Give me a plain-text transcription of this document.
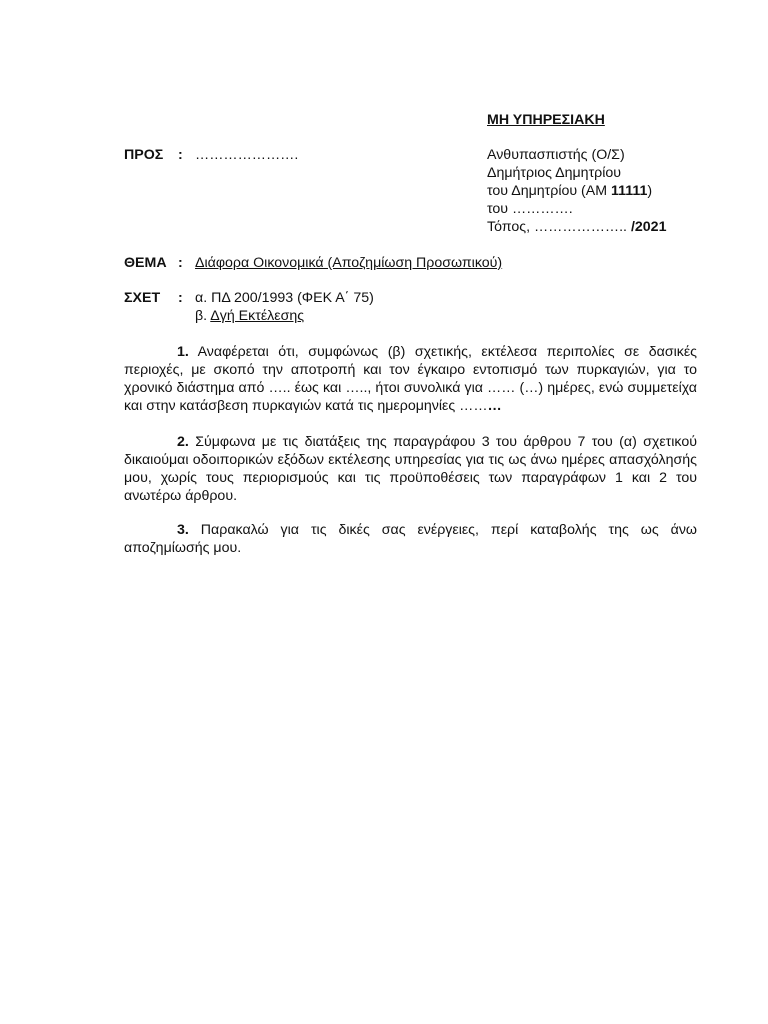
ΜΗ ΥΠΗΡΕΣΙΑΚΗ
ΠΡΟΣ : ………………….	Ανθυπασπιστής (Ο/Σ)
Δημήτριος Δημητρίου
του Δημητρίου (ΑΜ 11111)
του ………….
Τόπος, ……………….. /2021
ΘΕΜΑ : Διάφορα Οικονομικά (Αποζημίωση Προσωπικού)
ΣΧΕΤ : α. ΠΔ 200/1993 (ΦΕΚ Α΄ 75)
β. Δγή Εκτέλεσης
1. Αναφέρεται ότι, συμφώνως (β) σχετικής, εκτέλεσα περιπολίες σε δασικές περιοχές, με σκοπό την αποτροπή και τον έγκαιρο εντοπισμό των πυρκαγιών, για το χρονικό διάστημα από ….. έως και ….., ήτοι συνολικά για …… (…) ημέρες, ενώ συμμετείχα και στην κατάσβεση πυρκαγιών κατά τις ημερομηνίες ………
2. Σύμφωνα με τις διατάξεις της παραγράφου 3 του άρθρου 7 του (α) σχετικού δικαιούμαι οδοιπορικών εξόδων εκτέλεσης υπηρεσίας για τις ως άνω ημέρες απασχόλησής μου, χωρίς τους περιορισμούς και τις προϋποθέσεις των παραγράφων 1 και 2 του ανωτέρω άρθρου.
3. Παρακαλώ για τις δικές σας ενέργειες, περί καταβολής της ως άνω αποζημίωσής μου.
